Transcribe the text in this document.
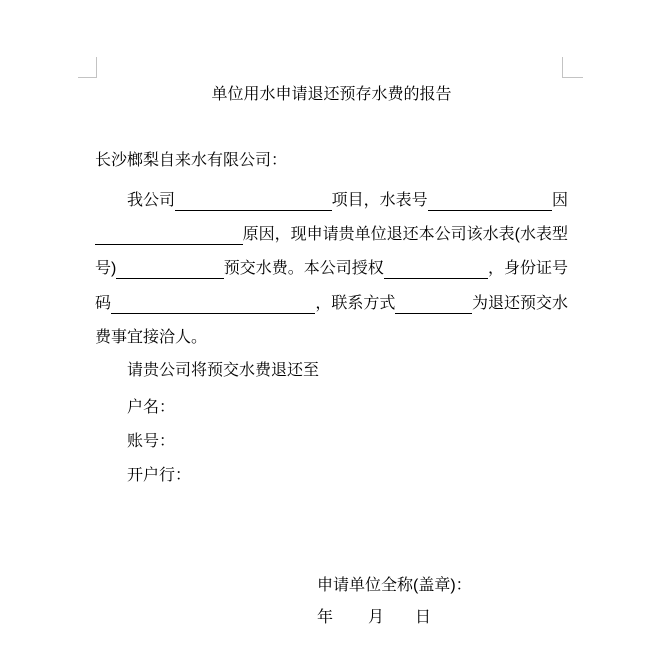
单位用水申请退还预存水费的报告
长沙榔梨自来水有限公司：
我公司	项目，水表号	因
原因，现申请贵单位退还本公司该水表(水表型
号)	预交水费。本公司授权	，身份证号
码	，联系方式	为退还预交水
费事宜接洽人。
请贵公司将预交水费退还至
户名：
账号：
开户行：
申请单位全称(盖章)：
年 月 日
